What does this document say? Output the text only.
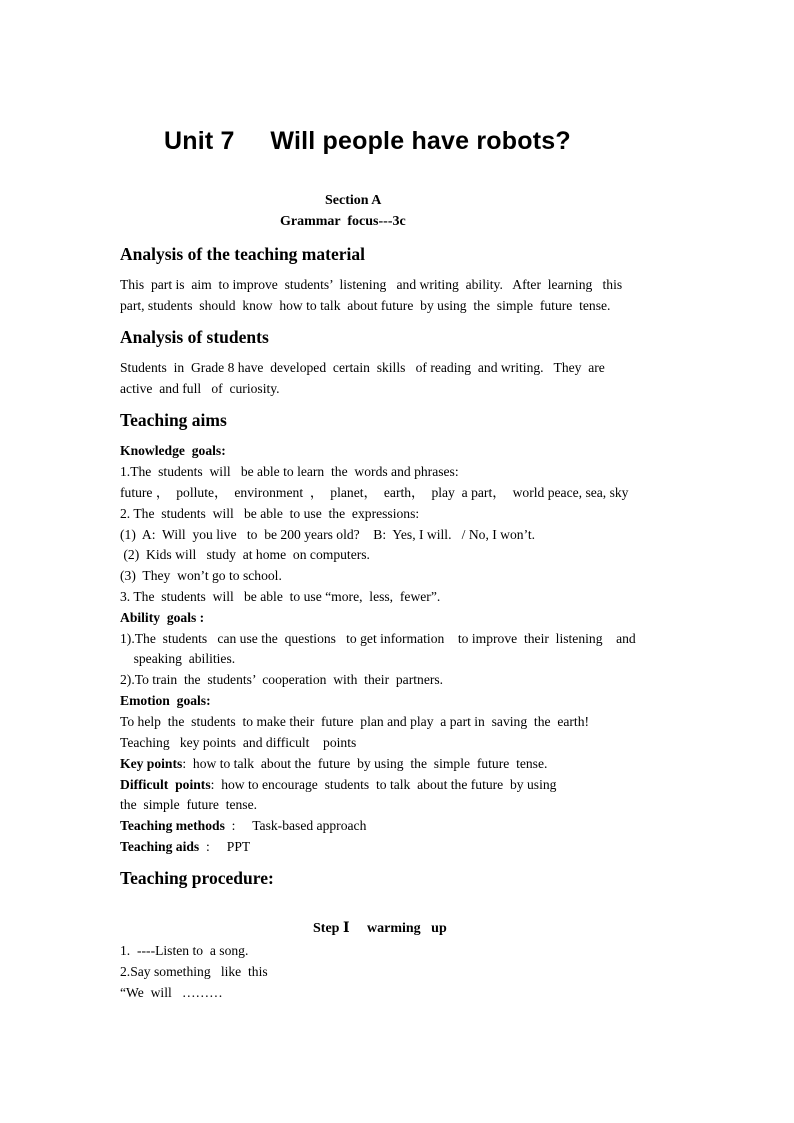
Unit 7     Will people have robots?
Section A
Grammar  focus---3c
Analysis of the teaching material
This  part is  aim  to improve  students’  listening   and writing  ability.   After  learning   this
part, students  should  know  how to talk  about future  by using  the  simple  future  tense.
Analysis of students
Students  in  Grade 8 have  developed  certain  skills   of reading  and writing.   They  are
active  and full   of  curiosity.
Teaching aims
Knowledge  goals:
1.The  students  will   be able to learn  the  words and phrases:
future ，  pollute，  environment  ，  planet，  earth，  play  a part，  world peace, sea, sky
2. The  students  will   be able  to use  the  expressions:
(1)  A:  Will  you live   to  be 200 years old?    B:  Yes, I will.   / No, I won’t.
(2)  Kids will   study  at home  on computers.
(3)  They  won’t go to school.
3. The  students  will   be able  to use “more,  less,  fewer”.
Ability  goals :
1).The  students   can use the  questions   to get information    to improve  their  listening    and
speaking  abilities.
2).To train  the  students’  cooperation  with  their  partners.
Emotion  goals:
To help  the  students  to make their  future  plan and play  a part in  saving  the  earth!
Teaching   key points  and difficult    points
Key points:  how to talk  about the  future  by using  the  simple  future  tense.
Difficult  points:  how to encourage  students  to talk  about the future  by using
the  simple  future  tense.
Teaching methods  :     Task-based approach
Teaching aids  :     PPT
Teaching procedure:
Step Ⅰ     warming   up
1.  ----Listen to  a song.
2.Say something   like  this
“We  will   ………
